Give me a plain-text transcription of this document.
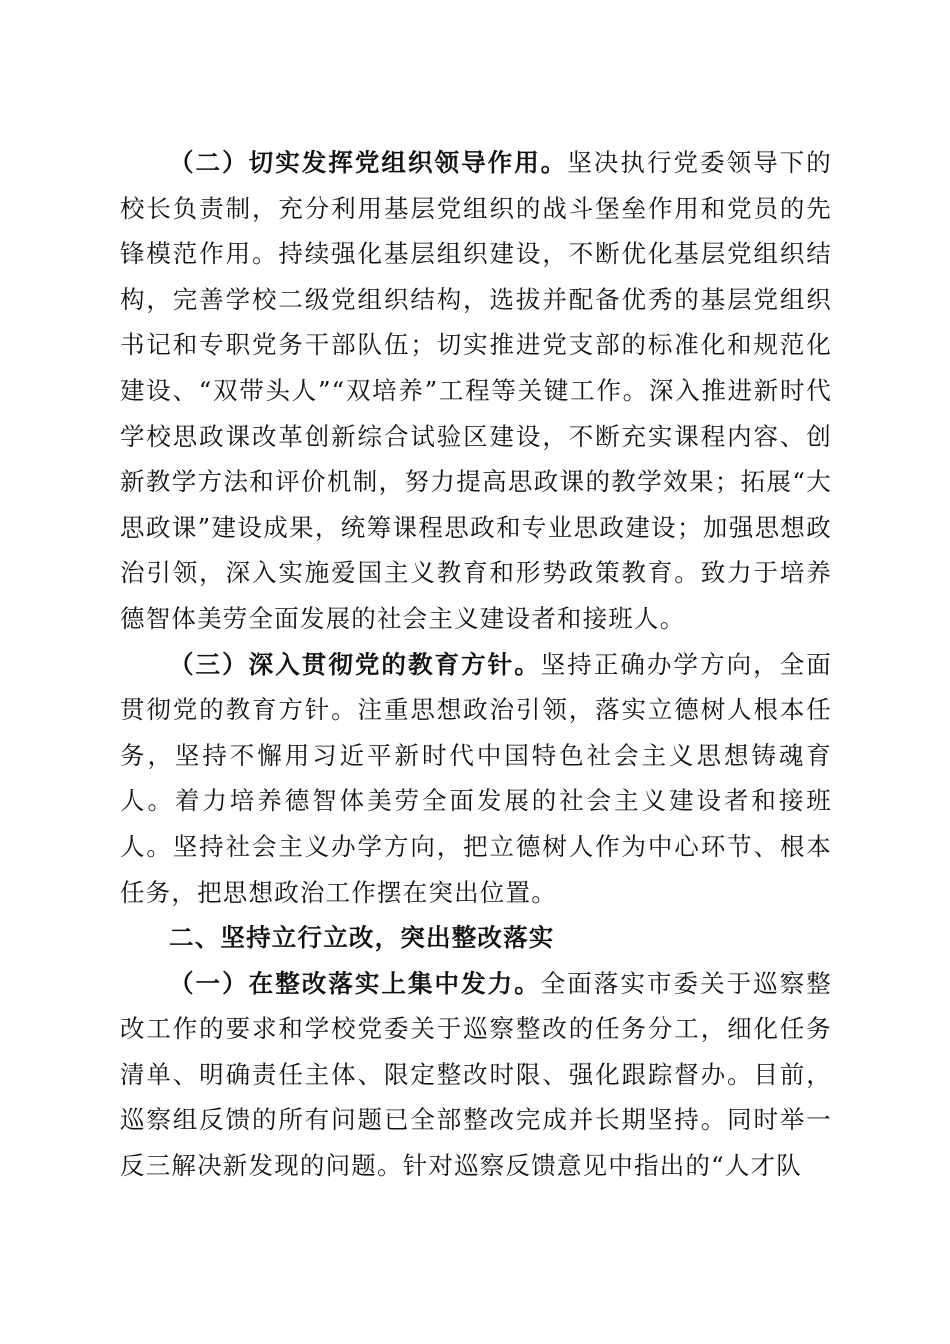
（二）切实发挥党组织领导作用。坚决执行党委领导下的校长负责制，充分利用基层党组织的战斗堡垒作用和党员的先锋模范作用。持续强化基层组织建设，不断优化基层党组织结构，完善学校二级党组织结构，选拔并配备优秀的基层党组织书记和专职党务干部队伍；切实推进党支部的标准化和规范化建设、“双带头人”“双培养”工程等关键工作。深入推进新时代学校思政课改革创新综合试验区建设，不断充实课程内容、创新教学方法和评价机制，努力提高思政课的教学效果；拓展“大思政课”建设成果，统筹课程思政和专业思政建设；加强思想政治引领，深入实施爱国主义教育和形势政策教育。致力于培养德智体美劳全面发展的社会主义建设者和接班人。

（三）深入贯彻党的教育方针。坚持正确办学方向，全面贯彻党的教育方针。注重思想政治引领，落实立德树人根本任务，坚持不懈用习近平新时代中国特色社会主义思想铸魂育人。着力培养德智体美劳全面发展的社会主义建设者和接班人。坚持社会主义办学方向，把立德树人作为中心环节、根本任务，把思想政治工作摆在突出位置。

二、坚持立行立改，突出整改落实

（一）在整改落实上集中发力。全面落实市委关于巡察整改工作的要求和学校党委关于巡察整改的任务分工，细化任务清单、明确责任主体、限定整改时限、强化跟踪督办。目前，巡察组反馈的所有问题已全部整改完成并长期坚持。同时举一反三解决新发现的问题。针对巡察反馈意见中指出的“人才队
